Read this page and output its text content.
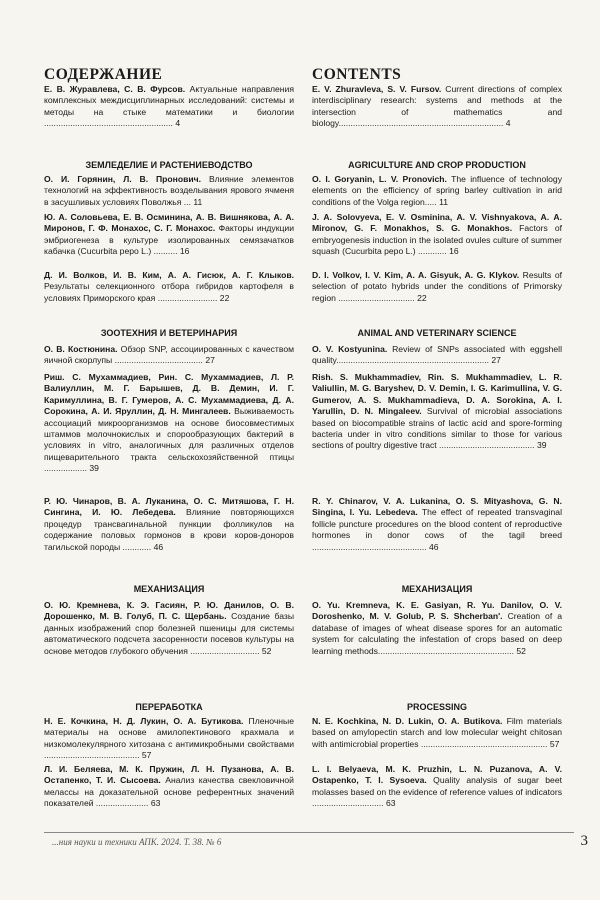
СОДЕРЖАНИЕ

Е. В. Журавлева, С. В. Фурсов. Актуальные направления комплексных междисциплинарных исследований: системы и методы на стыке математики и биологии ...................................................... 4

ЗЕМЛЕДЕЛИЕ И РАСТЕНИЕВОДСТВО

О. И. Горянин, Л. В. Пронович. Влияние элементов технологий на эффективность возделывания ярового ячменя в засушливых условиях Поволжья ... 11

Ю. А. Соловьева, Е. В. Осминина, А. В. Вишнякова, А. А. Миронов, Г. Ф. Монахос, С. Г. Монахос. Факторы индукции эмбриогенеза в культуре изолированных семязачатков кабачка (Cucurbita pepo L.) .......... 16

Д. И. Волков, И. В. Ким, А. А. Гисюк, А. Г. Клыков. Результаты селекционного отбора гибридов картофеля в условиях Приморского края ......................... 22

ЗООТЕХНИЯ И ВЕТЕРИНАРИЯ

О. В. Костюнина. Обзор SNP, ассоциированных с качеством яичной скорлупы ..................................... 27

Риш. С. Мухаммадиев, Рин. С. Мухаммадиев, Л. Р. Валиуллин, М. Г. Барышев, Д. В. Демин, И. Г. Каримуллина, В. Г. Гумеров, А. С. Мухаммадиева, Д. А. Сорокина, А. И. Яруллин, Д. Н. Мингалеев. Выживаемость ассоциаций микроорганизмов на основе биосовместимых штаммов молочнокислых и спорообразующих бактерий в условиях in vitro, аналогичных для различных отделов пищеварительного тракта сельскохозяйственной птицы .................. 39

Р. Ю. Чинаров, В. А. Луканина, О. С. Митяшова, Г. Н. Сингина, И. Ю. Лебедева. Влияние повторяющихся процедур трансвагинальной пункции фолликулов на содержание половых гормонов в крови коров-доноров тагильской породы ............ 46

МЕХАНИЗАЦИЯ

О. Ю. Кремнева, К. Э. Гасиян, Р. Ю. Данилов, О. В. Дорошенко, М. В. Голуб, П. С. Щербань. Создание базы данных изображений спор болезней пшеницы для системы автоматического подсчета засоренности посевов культуры на основе методов глубокого обучения ............................. 52

ПЕРЕРАБОТКА

Н. Е. Кочкина, Н. Д. Лукин, О. А. Бутикова. Пленочные материалы на основе амилопектинового крахмала и низкомолекулярного хитозана с антимикробными свойствами ........................................ 57

Л. И. Беляева, М. К. Пружин, Л. Н. Пузанова, А. В. Остапенко, Т. И. Сысоева. Анализ качества свекловичной мелассы на доказательной основе референтных значений показателей ...................... 63

CONTENTS

E. V. Zhuravleva, S. V. Fursov. Current directions of complex interdisciplinary research: systems and methods at the intersection of mathematics and biology..................................................................... 4

AGRICULTURE AND CROP PRODUCTION

O. I. Goryanin, L. V. Pronovich. The influence of technology elements on the efficiency of spring barley cultivation in arid conditions of the Volga region..... 11

J. A. Solovyeva, E. V. Osminina, A. V. Vishnyakova, A. A. Mironov, G. F. Monakhos, S. G. Monakhos. Factors of embryogenesis induction in the isolated ovules culture of summer squash (Cucurbita pepo L.) ............ 16

D. I. Volkov, I. V. Kim, A. A. Gisyuk, A. G. Klykov. Results of selection of potato hybrids under the conditions of Primorsky region ................................ 22

ANIMAL AND VETERINARY SCIENCE

O. V. Kostyunina. Review of SNPs associated with eggshell quality................................................................ 27

Rish. S. Mukhammadiev, Rin. S. Mukhammadiev, L. R. Valiullin, M. G. Baryshev, D. V. Demin, I. G. Karimullina, V. G. Gumerov, A. S. Mukhammadieva, D. A. Sorokina, A. I. Yarullin, D. N. Mingaleev. Survival of microbial associations based on biocompatible strains of lactic acid and spore-forming bacteria under in vitro conditions similar to those for various sections of poultry digestive tract ........................................ 39

R. Y. Chinarov, V. A. Lukanina, O. S. Mityashova, G. N. Singina, I. Yu. Lebedeva. The effect of repeated transvaginal follicle puncture procedures on the blood content of reproductive hormones in donor cows of the tagil breed ................................................ 46

МЕХАНИЗАЦИЯ

O. Yu. Kremneva, K. E. Gasiyan, R. Yu. Danilov, O. V. Doroshenko, M. V. Golub, P. S. Shcherban'. Creation of a database of images of wheat disease spores for an automatic system for calculating the infestation of crops based on deep learning methods......................................................... 52

PROCESSING

N. E. Kochkina, N. D. Lukin, O. A. Butikova. Film materials based on amylopectin starch and low molecular weight chitosan with antimicrobial properties ..................................................... 57

L. I. Belyaeva, M. K. Pruzhin, L. N. Puzanova, A. V. Ostapenko, T. I. Sysoeva. Quality analysis of sugar beet molasses based on the evidence of reference values of indicators .............................. 63

...ния науки и техники АПК. 2024. Т. 38. № 6	3
